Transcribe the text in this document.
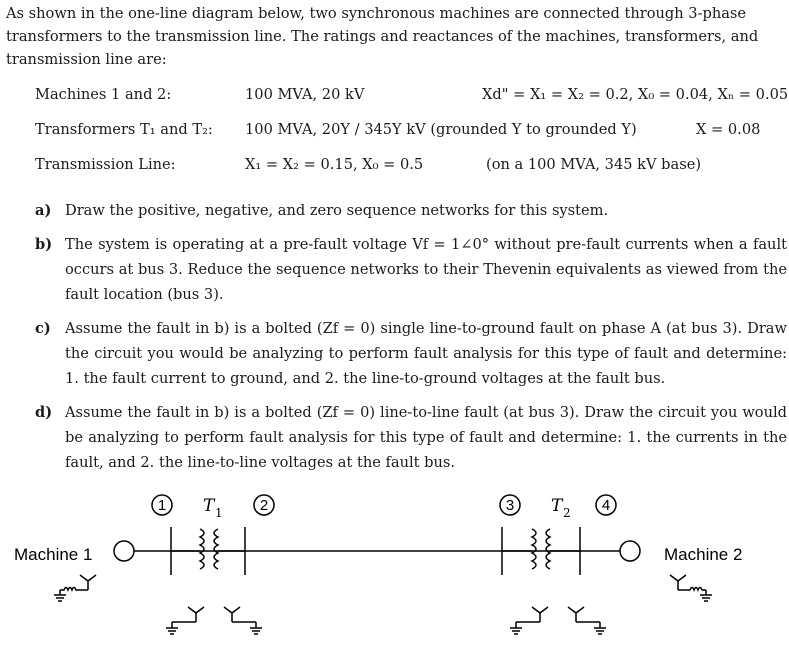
As shown in the one-line diagram below, two synchronous machines are connected through 3-phase transformers to the transmission line. The ratings and reactances of the machines, transformers, and transmission line are:

Machines 1 and 2:	100 MVA, 20 kV	Xd" = X₁ = X₂ = 0.2, X₀ = 0.04, Xₙ = 0.05
Transformers T₁ and T₂: 100 MVA, 20Y / 345Y kV (grounded Y to grounded Y)	X = 0.08
Transmission Line:	X₁ = X₂ = 0.15, X₀ = 0.5	(on a 100 MVA, 345 kV base)
a) Draw the positive, negative, and zero sequence networks for this system.
b) The system is operating at a pre-fault voltage Vf = 1∠0° without pre-fault currents when a fault occurs at bus 3. Reduce the sequence networks to their Thevenin equivalents as viewed from the fault location (bus 3).
c) Assume the fault in b) is a bolted (Zf = 0) single line-to-ground fault on phase A (at bus 3). Draw the circuit you would be analyzing to perform fault analysis for this type of fault and determine: 1. the fault current to ground, and 2. the line-to-ground voltages at the fault bus.
d) Assume the fault in b) is a bolted (Zf = 0) line-to-line fault (at bus 3). Draw the circuit you would be analyzing to perform fault analysis for this type of fault and determine: 1. the currents in the fault, and 2. the line-to-line voltages at the fault bus.
Machine 1	Machine 2
1	2	3	4
T 1	T 2
